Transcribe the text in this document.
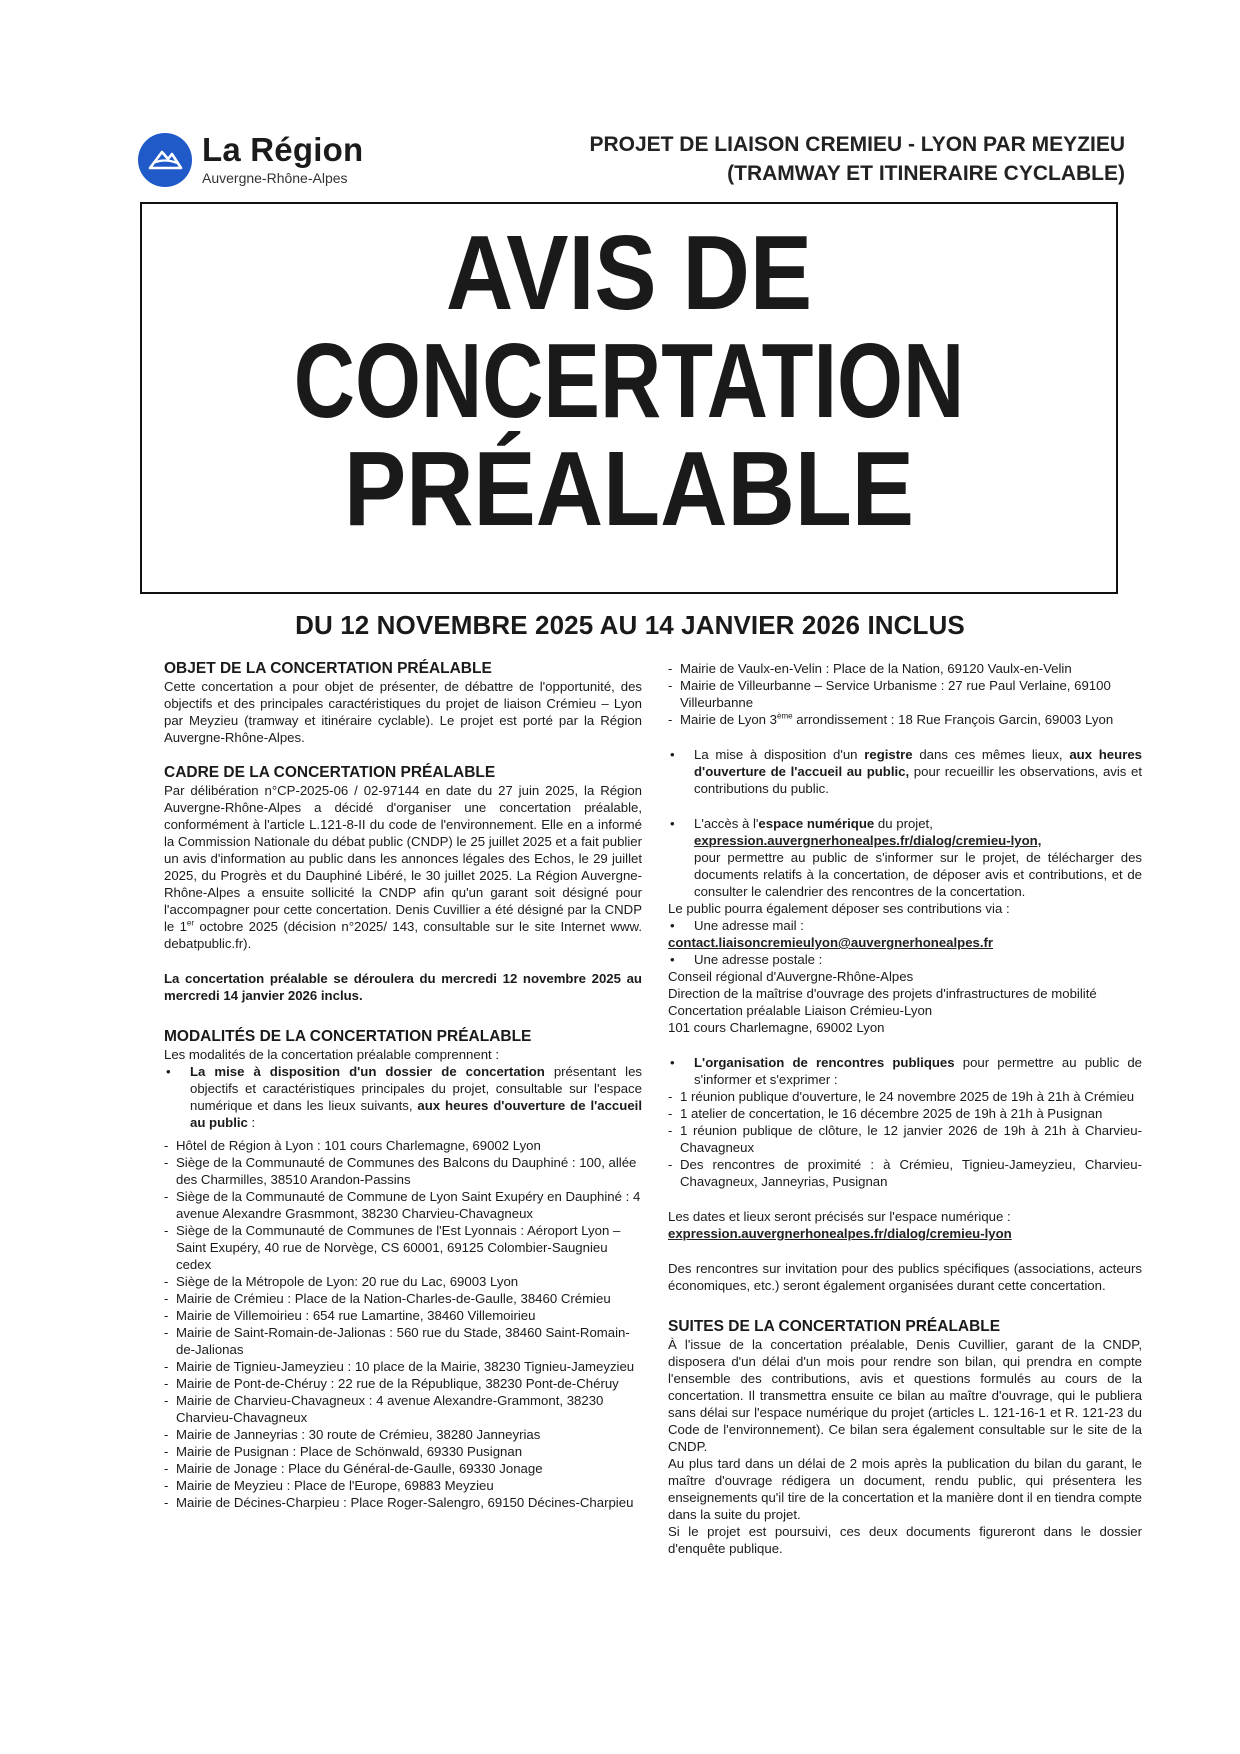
La Région
Auvergne-Rhône-Alpes
PROJET DE LIAISON CREMIEU - LYON PAR MEYZIEU
(TRAMWAY ET ITINERAIRE CYCLABLE)
AVIS DE
CONCERTATION
PRÉALABLE
DU 12 NOVEMBRE 2025 AU 14 JANVIER 2026 INCLUS
OBJET DE LA CONCERTATION PRÉALABLE

Cette concertation a pour objet de présenter, de débattre de l'opportunité, des objectifs et des principales caractéristiques du projet de liaison Crémieu – Lyon par Meyzieu (tramway et itinéraire cyclable). Le projet est porté par la Région Auvergne-Rhône-Alpes.

CADRE DE LA CONCERTATION PRÉALABLE

Par délibération n°CP-2025-06 / 02-97144 en date du 27 juin 2025, la Région Auvergne-Rhône-Alpes a décidé d'organiser une concertation préalable, conformément à l'article L.121-8-II du code de l'environnement. Elle en a informé la Commission Nationale du débat public (CNDP) le 25 juillet 2025 et a fait publier un avis d'information au public dans les annonces légales des Echos, le 29 juillet 2025, du Progrès et du Dauphiné Libéré, le 30 juillet 2025. La Région Auvergne-Rhône-Alpes a ensuite sollicité la CNDP afin qu'un garant soit désigné pour l'accompagner pour cette concertation. Denis Cuvillier a été désigné par la CNDP le 1er octobre 2025 (décision n°2025/ 143, consultable sur le site Internet www. debatpublic.fr).

La concertation préalable se déroulera du mercredi 12 novembre 2025 au mercredi 14 janvier 2026 inclus.

MODALITÉS DE LA CONCERTATION PRÉALABLE

Les modalités de la concertation préalable comprennent :

•	La mise à disposition d'un dossier de concertation présentant les objectifs et caractéristiques principales du projet, consultable sur l'espace numérique et dans les lieux suivants, aux heures d'ouverture de l'accueil au public :
- Hôtel de Région à Lyon : 101 cours Charlemagne, 69002 Lyon
- Siège de la Communauté de Communes des Balcons du Dauphiné : 100, allée des Charmilles, 38510 Arandon-Passins
- Siège de la Communauté de Commune de Lyon Saint Exupéry en Dauphiné : 4 avenue Alexandre Grasmmont, 38230 Charvieu-Chavagneux
- Siège de la Communauté de Communes de l'Est Lyonnais : Aéroport Lyon – Saint Exupéry, 40 rue de Norvège, CS 60001, 69125 Colombier-Saugnieu cedex
- Siège de la Métropole de Lyon: 20 rue du Lac, 69003 Lyon
- Mairie de Crémieu : Place de la Nation-Charles-de-Gaulle, 38460 Crémieu
- Mairie de Villemoirieu : 654 rue Lamartine, 38460 Villemoirieu
- Mairie de Saint-Romain-de-Jalionas : 560 rue du Stade, 38460 Saint-Romain-de-Jalionas
- Mairie de Tignieu-Jameyzieu : 10 place de la Mairie, 38230 Tignieu-Jameyzieu
- Mairie de Pont-de-Chéruy : 22 rue de la République, 38230 Pont-de-Chéruy
- Mairie de Charvieu-Chavagneux : 4 avenue Alexandre-Grammont, 38230 Charvieu-Chavagneux
- Mairie de Janneyrias : 30 route de Crémieu, 38280 Janneyrias
- Mairie de Pusignan : Place de Schönwald, 69330 Pusignan
- Mairie de Jonage : Place du Général-de-Gaulle, 69330 Jonage
- Mairie de Meyzieu : Place de l'Europe, 69883 Meyzieu
- Mairie de Décines-Charpieu : Place Roger-Salengro, 69150 Décines-Charpieu
- Mairie de Vaulx-en-Velin : Place de la Nation, 69120 Vaulx-en-Velin
- Mairie de Villeurbanne – Service Urbanisme : 27 rue Paul Verlaine, 69100 Villeurbanne
- Mairie de Lyon 3ème arrondissement : 18 Rue François Garcin, 69003 Lyon
•	La mise à disposition d'un registre dans ces mêmes lieux, aux heures d'ouverture de l'accueil au public, pour recueillir les observations, avis et contributions du public.
•	L'accès à l'espace numérique du projet,
expression.auvergnerhonealpes.fr/dialog/cremieu-lyon,
pour permettre au public de s'informer sur le projet, de télécharger des documents relatifs à la concertation, de déposer avis et contributions, et de consulter le calendrier des rencontres de la concertation.

Le public pourra également déposer ses contributions via :

•	Une adresse mail :

contact.liaisoncremieulyon@auvergnerhonealpes.fr

•	Une adresse postale :

Conseil régional d'Auvergne-Rhône-Alpes

Direction de la maîtrise d'ouvrage des projets d'infrastructures de mobilité

Concertation préalable Liaison Crémieu-Lyon

101 cours Charlemagne, 69002 Lyon

•	L'organisation de rencontres publiques pour permettre au public de s'informer et s'exprimer :
- 1 réunion publique d'ouverture, le 24 novembre 2025 de 19h à 21h à Crémieu
- 1 atelier de concertation, le 16 décembre 2025 de 19h à 21h à Pusignan
- 1 réunion publique de clôture, le 12 janvier 2026 de 19h à 21h à Charvieu-Chavagneux
- Des rencontres de proximité : à Crémieu, Tignieu-Jameyzieu, Charvieu-Chavagneux, Janneyrias, Pusignan

Les dates et lieux seront précisés sur l'espace numérique :

expression.auvergnerhonealpes.fr/dialog/cremieu-lyon

Des rencontres sur invitation pour des publics spécifiques (associations, acteurs économiques, etc.) seront également organisées durant cette concertation.

SUITES DE LA CONCERTATION PRÉALABLE

À l'issue de la concertation préalable, Denis Cuvillier, garant de la CNDP, disposera d'un délai d'un mois pour rendre son bilan, qui prendra en compte l'ensemble des contributions, avis et questions formulés au cours de la concertation. Il transmettra ensuite ce bilan au maître d'ouvrage, qui le publiera sans délai sur l'espace numérique du projet (articles L. 121-16-1 et R. 121-23 du Code de l'environnement). Ce bilan sera également consultable sur le site de la CNDP.

Au plus tard dans un délai de 2 mois après la publication du bilan du garant, le maître d'ouvrage rédigera un document, rendu public, qui présentera les enseignements qu'il tire de la concertation et la manière dont il en tiendra compte dans la suite du projet.

Si le projet est poursuivi, ces deux documents figureront dans le dossier d'enquête publique.
